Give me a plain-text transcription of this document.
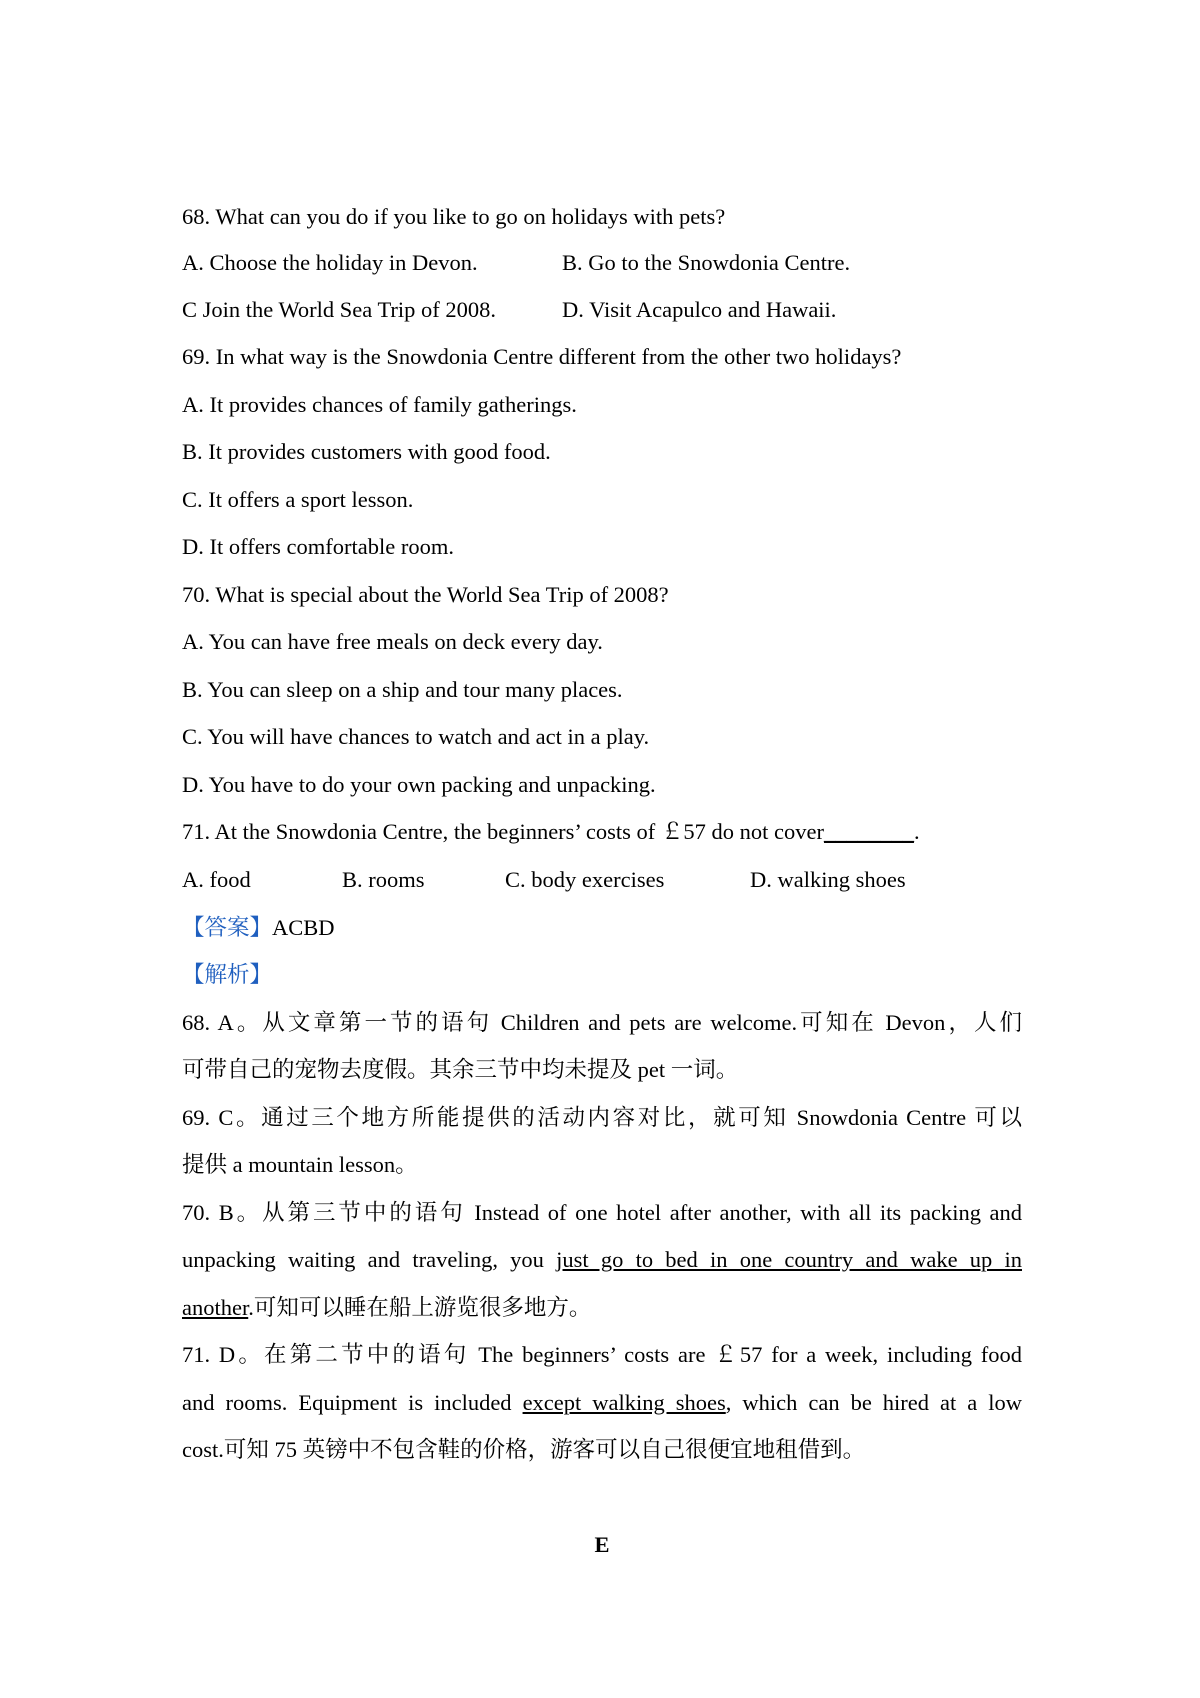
68. What can you do if you like to go on holidays with pets?
A. Choose the holiday in Devon.	B. Go to the Snowdonia Centre.
C Join the World Sea Trip of 2008.	D. Visit Acapulco and Hawaii.
69. In what way is the Snowdonia Centre different from the other two holidays?
A. It provides chances of family gatherings.
B. It provides customers with good food.
C. It offers a sport lesson.
D. It offers comfortable room.
70. What is special about the World Sea Trip of 2008?
A. You can have free meals on deck every day.
B. You can sleep on a ship and tour many places.
C. You will have chances to watch and act in a play.
D. You have to do your own packing and unpacking.
71. At the Snowdonia Centre, the beginners’ costs of ￡57 do not cover________.
A. food	B. rooms	C. body exercises	D. walking shoes
【答案】ACBD
【解析】
68. A。从文章第一节的语句 Children and pets are welcome.可知在 Devon，人们
可带自己的宠物去度假。其余三节中均未提及 pet 一词。
69. C。通过三个地方所能提供的活动内容对比，就可知 Snowdonia Centre 可以
提供 a mountain lesson。
70. B。从第三节中的语句 Instead of one hotel after another, with all its packing and
unpacking waiting and traveling, you just go to bed in one country and wake up in
another.可知可以睡在船上游览很多地方。
71. D。在第二节中的语句 The beginners’ costs are ￡57 for a week, including food
and rooms. Equipment is included except walking shoes, which can be hired at a low
cost.可知 75 英镑中不包含鞋的价格，游客可以自己很便宜地租借到。
E
